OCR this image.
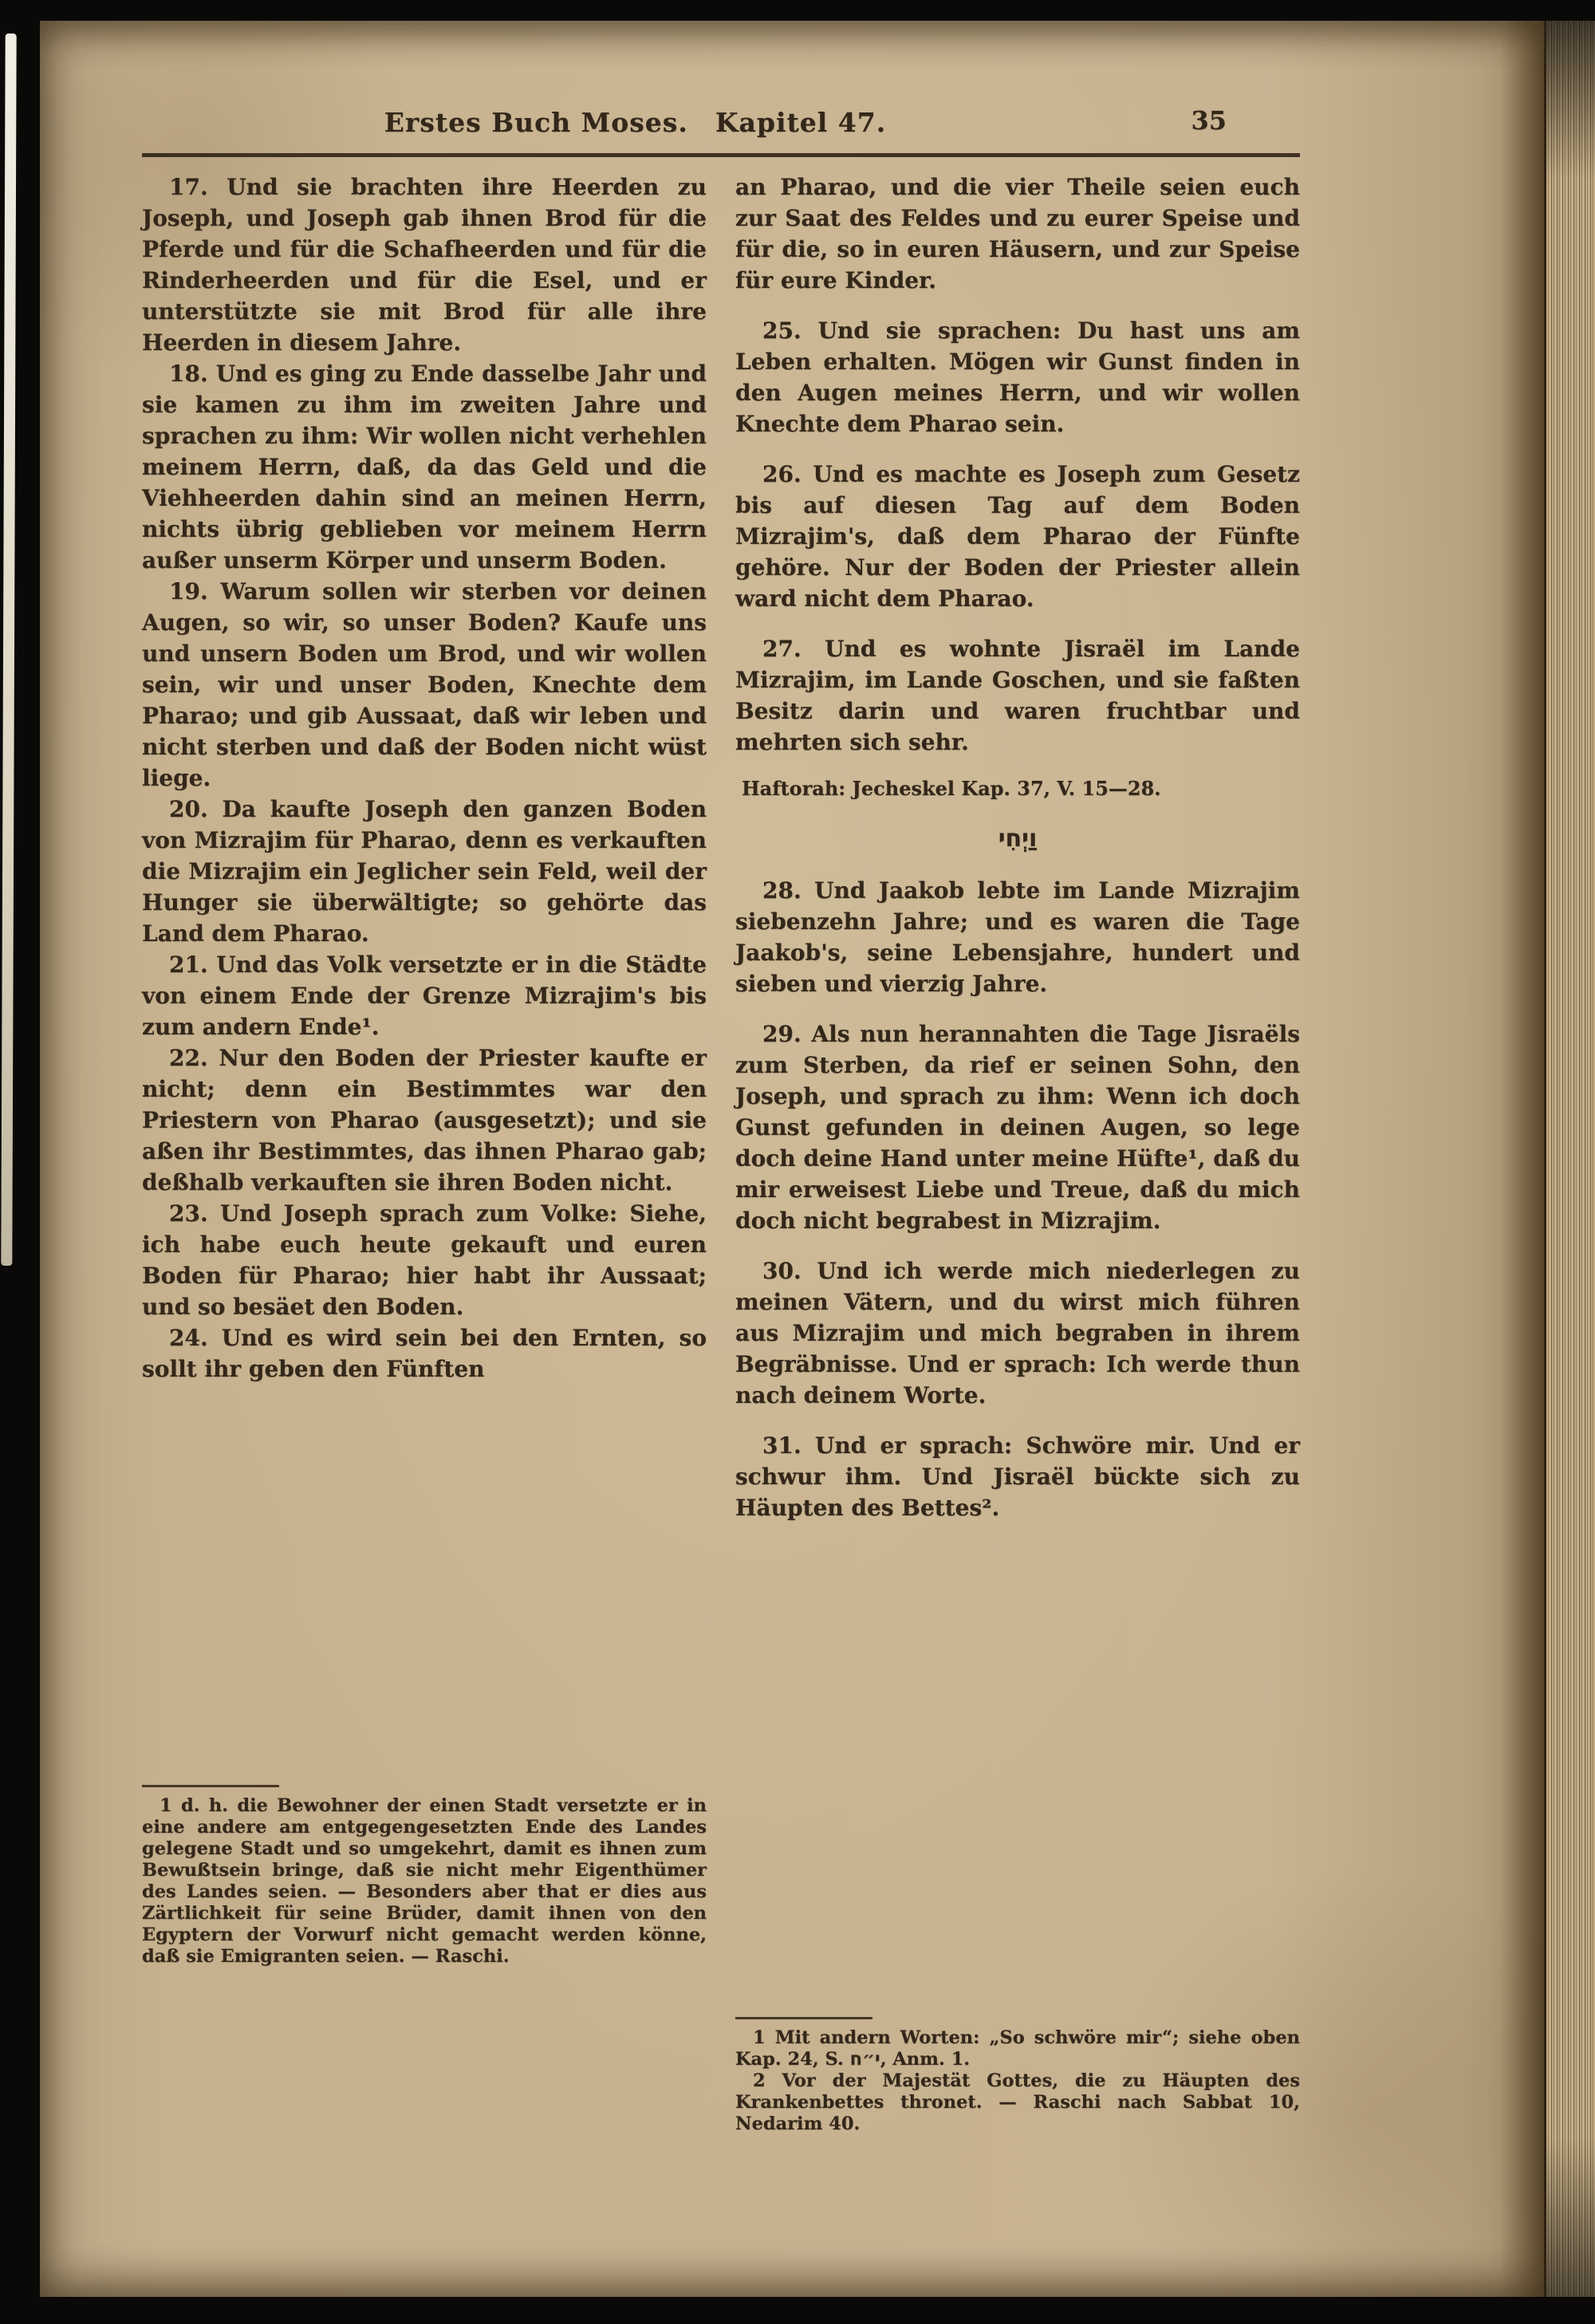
Erstes Buch Moses. Kapitel 47.	35

17. Und sie brachten ihre Heerden zu Joseph, und Joseph gab ihnen Brod für die Pferde und für die Schafheerden und für die Rinderheerden und für die Esel, und er unterstützte sie mit Brod für alle ihre Heerden in diesem Jahre.

18. Und es ging zu Ende dasselbe Jahr und sie kamen zu ihm im zweiten Jahre und sprachen zu ihm: Wir wollen nicht verhehlen meinem Herrn, daß, da das Geld und die Viehheerden dahin sind an meinen Herrn, nichts übrig geblieben vor meinem Herrn außer unserm Körper und unserm Boden.

19. Warum sollen wir sterben vor deinen Augen, so wir, so unser Boden? Kaufe uns und unsern Boden um Brod, und wir wollen sein, wir und unser Boden, Knechte dem Pharao; und gib Aussaat, daß wir leben und nicht sterben und daß der Boden nicht wüst liege.

20. Da kaufte Joseph den ganzen Boden von Mizrajim für Pharao, denn es verkauften die Mizrajim ein Jeglicher sein Feld, weil der Hunger sie überwältigte; so gehörte das Land dem Pharao.

21. Und das Volk versetzte er in die Städte von einem Ende der Grenze Mizrajim's bis zum andern Ende¹.

22. Nur den Boden der Priester kaufte er nicht; denn ein Bestimmtes war den Priestern von Pharao (ausgesetzt); und sie aßen ihr Bestimmtes, das ihnen Pharao gab; deßhalb verkauften sie ihren Boden nicht.

23. Und Joseph sprach zum Volke: Siehe, ich habe euch heute gekauft und euren Boden für Pharao; hier habt ihr Aussaat; und so besäet den Boden.

24. Und es wird sein bei den Ernten, so sollt ihr geben den Fünften

1 d. h. die Bewohner der einen Stadt versetzte er in eine andere am entgegengesetzten Ende des Landes gelegene Stadt und so umgekehrt, damit es ihnen zum Bewußtsein bringe, daß sie nicht mehr Eigenthümer des Landes seien. — Besonders aber that er dies aus Zärtlichkeit für seine Brüder, damit ihnen von den Egyptern der Vorwurf nicht gemacht werden könne, daß sie Emigranten seien. — Raschi.

an Pharao, und die vier Theile seien euch zur Saat des Feldes und zu eurer Speise und für die, so in euren Häusern, und zur Speise für eure Kinder.

25. Und sie sprachen: Du hast uns am Leben erhalten. Mögen wir Gunst finden in den Augen meines Herrn, und wir wollen Knechte dem Pharao sein.

26. Und es machte es Joseph zum Gesetz bis auf diesen Tag auf dem Boden Mizrajim's, daß dem Pharao der Fünfte gehöre. Nur der Boden der Priester allein ward nicht dem Pharao.

27. Und es wohnte Jisraël im Lande Mizrajim, im Lande Goschen, und sie faßten Besitz darin und waren fruchtbar und mehrten sich sehr.

Haftorah: Jecheskel Kap. 37, V. 15—28.

וַיְחִי

28. Und Jaakob lebte im Lande Mizrajim siebenzehn Jahre; und es waren die Tage Jaakob's, seine Lebensjahre, hundert und sieben und vierzig Jahre.

29. Als nun herannahten die Tage Jisraëls zum Sterben, da rief er seinen Sohn, den Joseph, und sprach zu ihm: Wenn ich doch Gunst gefunden in deinen Augen, so lege doch deine Hand unter meine Hüfte¹, daß du mir erweisest Liebe und Treue, daß du mich doch nicht begrabest in Mizrajim.

30. Und ich werde mich niederlegen zu meinen Vätern, und du wirst mich führen aus Mizrajim und mich begraben in ihrem Begräbnisse. Und er sprach: Ich werde thun nach deinem Worte.

31. Und er sprach: Schwöre mir. Und er schwur ihm. Und Jisraël bückte sich zu Häupten des Bettes².

1 Mit andern Worten: „So schwöre mir“; siehe oben Kap. 24, S. י״ח, Anm. 1.

2 Vor der Majestät Gottes, die zu Häupten des Krankenbettes thronet. — Raschi nach Sabbat 10, Nedarim 40.
